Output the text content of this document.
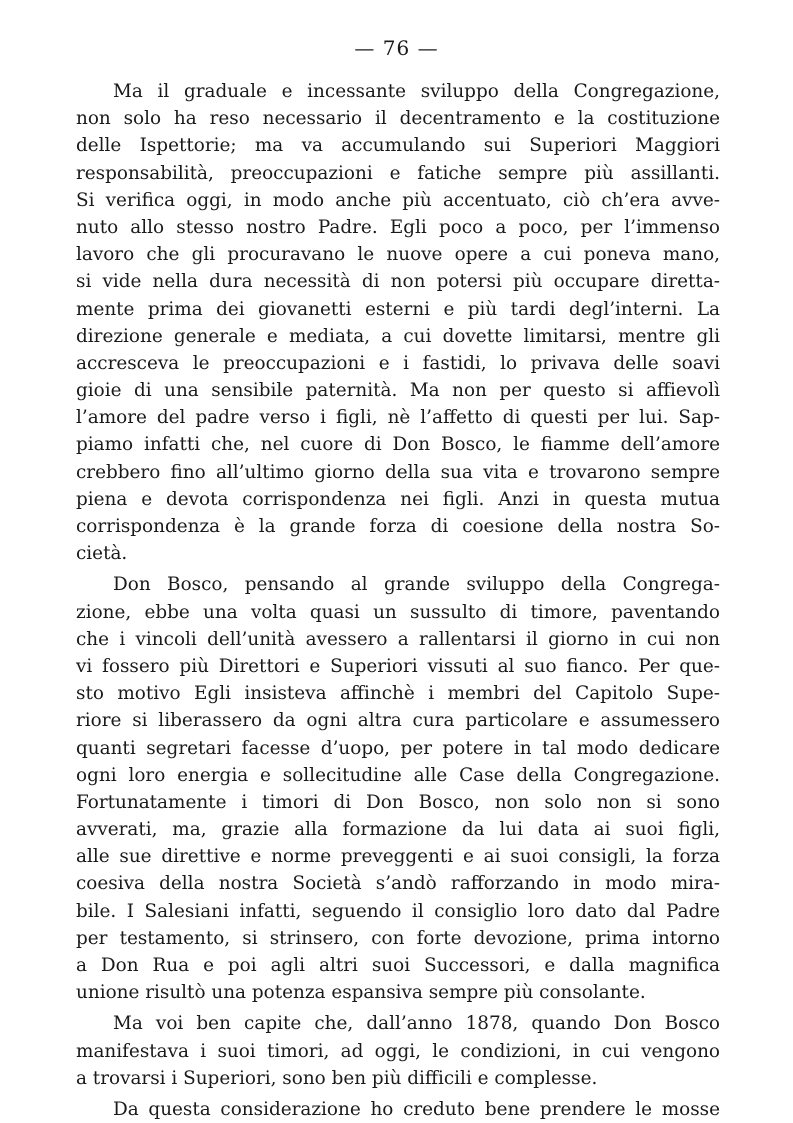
— 76 —
Ma il graduale e incessante sviluppo della Congregazione,
non solo ha reso necessario il decentramento e la costituzione
delle Ispettorie; ma va accumulando sui Superiori Maggiori
responsabilità, preoccupazioni e fatiche sempre più assillanti.
Si verifica oggi, in modo anche più accentuato, ciò ch’era avve-
nuto allo stesso nostro Padre. Egli poco a poco, per l’immenso
lavoro che gli procuravano le nuove opere a cui poneva mano,
si vide nella dura necessità di non potersi più occupare diretta-
mente prima dei giovanetti esterni e più tardi degl’interni. La
direzione generale e mediata, a cui dovette limitarsi, mentre gli
accresceva le preoccupazioni e i fastidi, lo privava delle soavi
gioie di una sensibile paternità. Ma non per questo si affievolì
l’amore del padre verso i figli, nè l’affetto di questi per lui. Sap-
piamo infatti che, nel cuore di Don Bosco, le fiamme dell’amore
crebbero fino all’ultimo giorno della sua vita e trovarono sempre
piena e devota corrispondenza nei figli. Anzi in questa mutua
corrispondenza è la grande forza di coesione della nostra So-
cietà.
Don Bosco, pensando al grande sviluppo della Congrega-
zione, ebbe una volta quasi un sussulto di timore, paventando
che i vincoli dell’unità avessero a rallentarsi il giorno in cui non
vi fossero più Direttori e Superiori vissuti al suo fianco. Per que-
sto motivo Egli insisteva affinchè i membri del Capitolo Supe-
riore si liberassero da ogni altra cura particolare e assumessero
quanti segretari facesse d’uopo, per potere in tal modo dedicare
ogni loro energia e sollecitudine alle Case della Congregazione.
Fortunatamente i timori di Don Bosco, non solo non si sono
avverati, ma, grazie alla formazione da lui data ai suoi figli,
alle sue direttive e norme preveggenti e ai suoi consigli, la forza
coesiva della nostra Società s’andò rafforzando in modo mira-
bile. I Salesiani infatti, seguendo il consiglio loro dato dal Padre
per testamento, si strinsero, con forte devozione, prima intorno
a Don Rua e poi agli altri suoi Successori, e dalla magnifica
unione risultò una potenza espansiva sempre più consolante.
Ma voi ben capite che, dall’anno 1878, quando Don Bosco
manifestava i suoi timori, ad oggi, le condizioni, in cui vengono
a trovarsi i Superiori, sono ben più difficili e complesse.
Da questa considerazione ho creduto bene prendere le mosse
